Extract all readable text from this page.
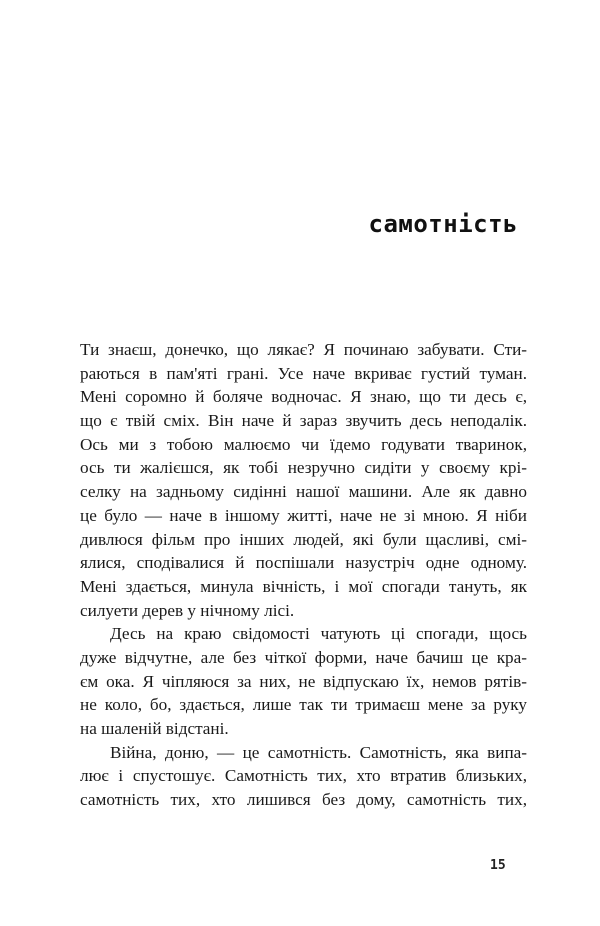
самотність
Ти знаєш, донечко, що лякає? Я починаю забувати. Сти-
раються в пам'яті грані. Усе наче вкриває густий туман.
Мені соромно й боляче водночас. Я знаю, що ти десь є,
що є твій сміх. Він наче й зараз звучить десь неподалік.
Ось ми з тобою малюємо чи їдемо годувати тваринок,
ось ти жалієшся, як тобі незручно сидіти у своєму крі-
селку на задньому сидінні нашої машини. Але як давно
це було — наче в іншому житті, наче не зі мною. Я ніби
дивлюся фільм про інших людей, які були щасливі, смі-
ялися, сподівалися й поспішали назустріч одне одному.
Мені здається, минула вічність, і мої спогади тануть, як
силуети дерев у нічному лісі.
Десь на краю свідомості чатують ці спогади, щось
дуже відчутне, але без чіткої форми, наче бачиш це кра-
єм ока. Я чіпляюся за них, не відпускаю їх, немов рятів-
не коло, бо, здається, лише так ти тримаєш мене за руку
на шаленій відстані.
Війна, доню, — це самотність. Самотність, яка випа-
лює і спустошує. Самотність тих, хто втратив близьких,
самотність тих, хто лишився без дому, самотність тих,
15
